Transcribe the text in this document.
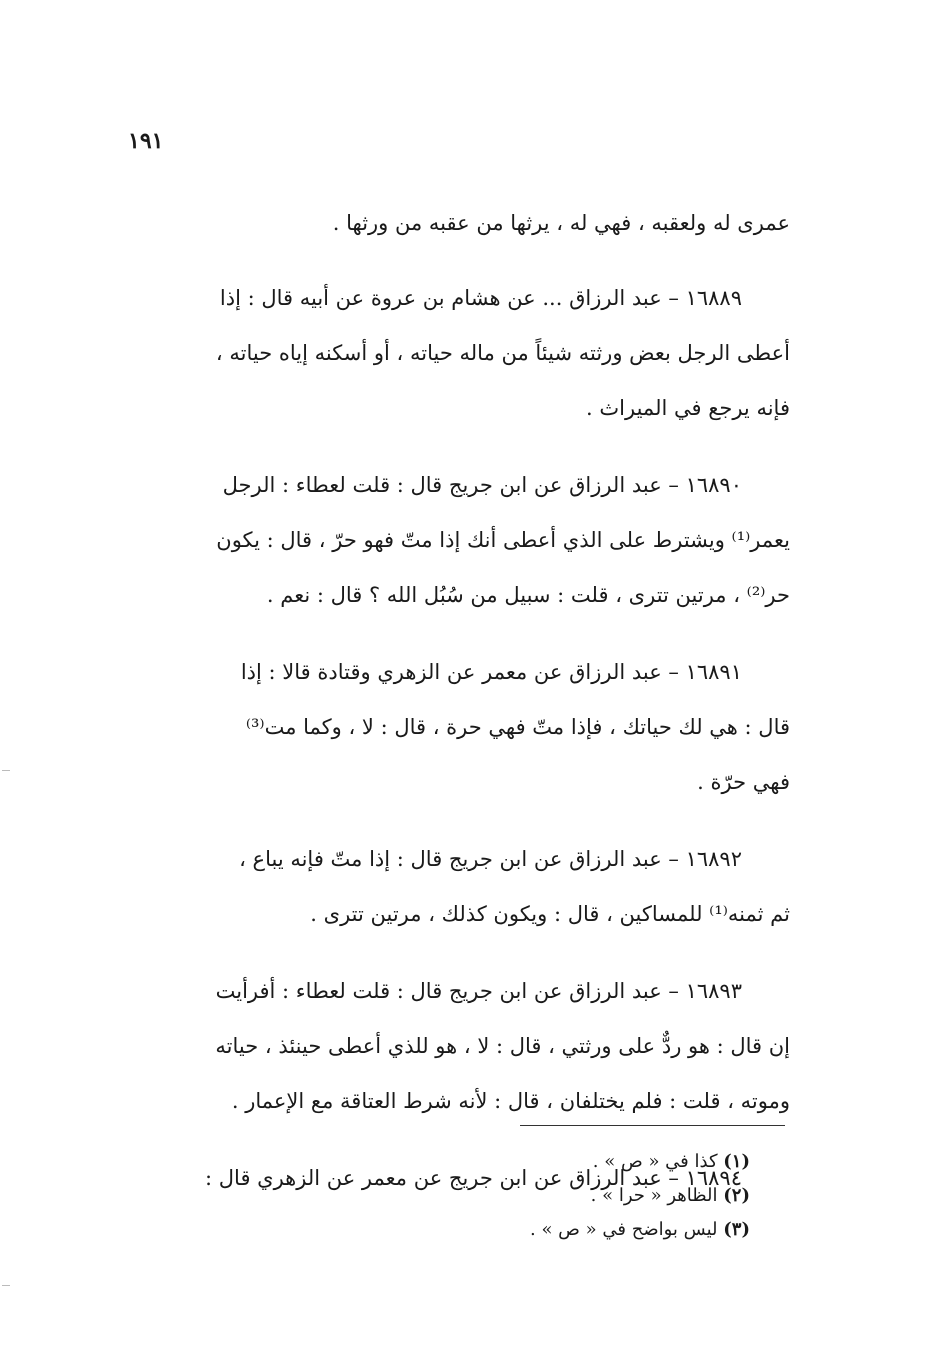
١٩١
عمرى له ولعقبه ، فهي له ، يرثها من عقبه من ورثها .
١٦٨٨٩ – عبد الرزاق ... عن هشام بن عروة عن أبيه قال : إذا
أعطى الرجل بعض ورثته شيئاً من ماله حياته ، أو أسكنه إياه حياته ،
فإنه يرجع في الميراث .
١٦٨٩٠ – عبد الرزاق عن ابن جريج قال : قلت لعطاء : الرجل
يعمر⁽¹⁾ ويشترط على الذي أعطى أنك إذا متّ فهو حرّ ، قال : يكون
حر⁽²⁾ ، مرتين تترى ، قلت : سبيل من سُبُل الله ؟ قال : نعم .
١٦٨٩١ – عبد الرزاق عن معمر عن الزهري وقتادة قالا : إذا
قال : هي لك حياتك ، فإذا متّ فهي حرة ، قال : لا ، وكما مت⁽³⁾
فهي حرّة .
١٦٨٩٢ – عبد الرزاق عن ابن جريج قال : إذا متّ فإنه يباع ،
ثم ثمنه⁽¹⁾ للمساكين ، قال : ويكون كذلك ، مرتين تترى .
١٦٨٩٣ – عبد الرزاق عن ابن جريج قال : قلت لعطاء : أفرأيت
إن قال : هو ردٌّ على ورثتي ، قال : لا ، هو للذي أعطى حينئذ ، حياته
وموته ، قلت : فلم يختلفان ، قال : لأنه شرط العتاقة مع الإعمار .
١٦٨٩٤ – عبد الرزاق عن ابن جريج عن معمر عن الزهري قال :
(١) كذا في « ص » .
(٢) الظاهر « حرا » .
(٣) ليس بواضح في « ص » .
